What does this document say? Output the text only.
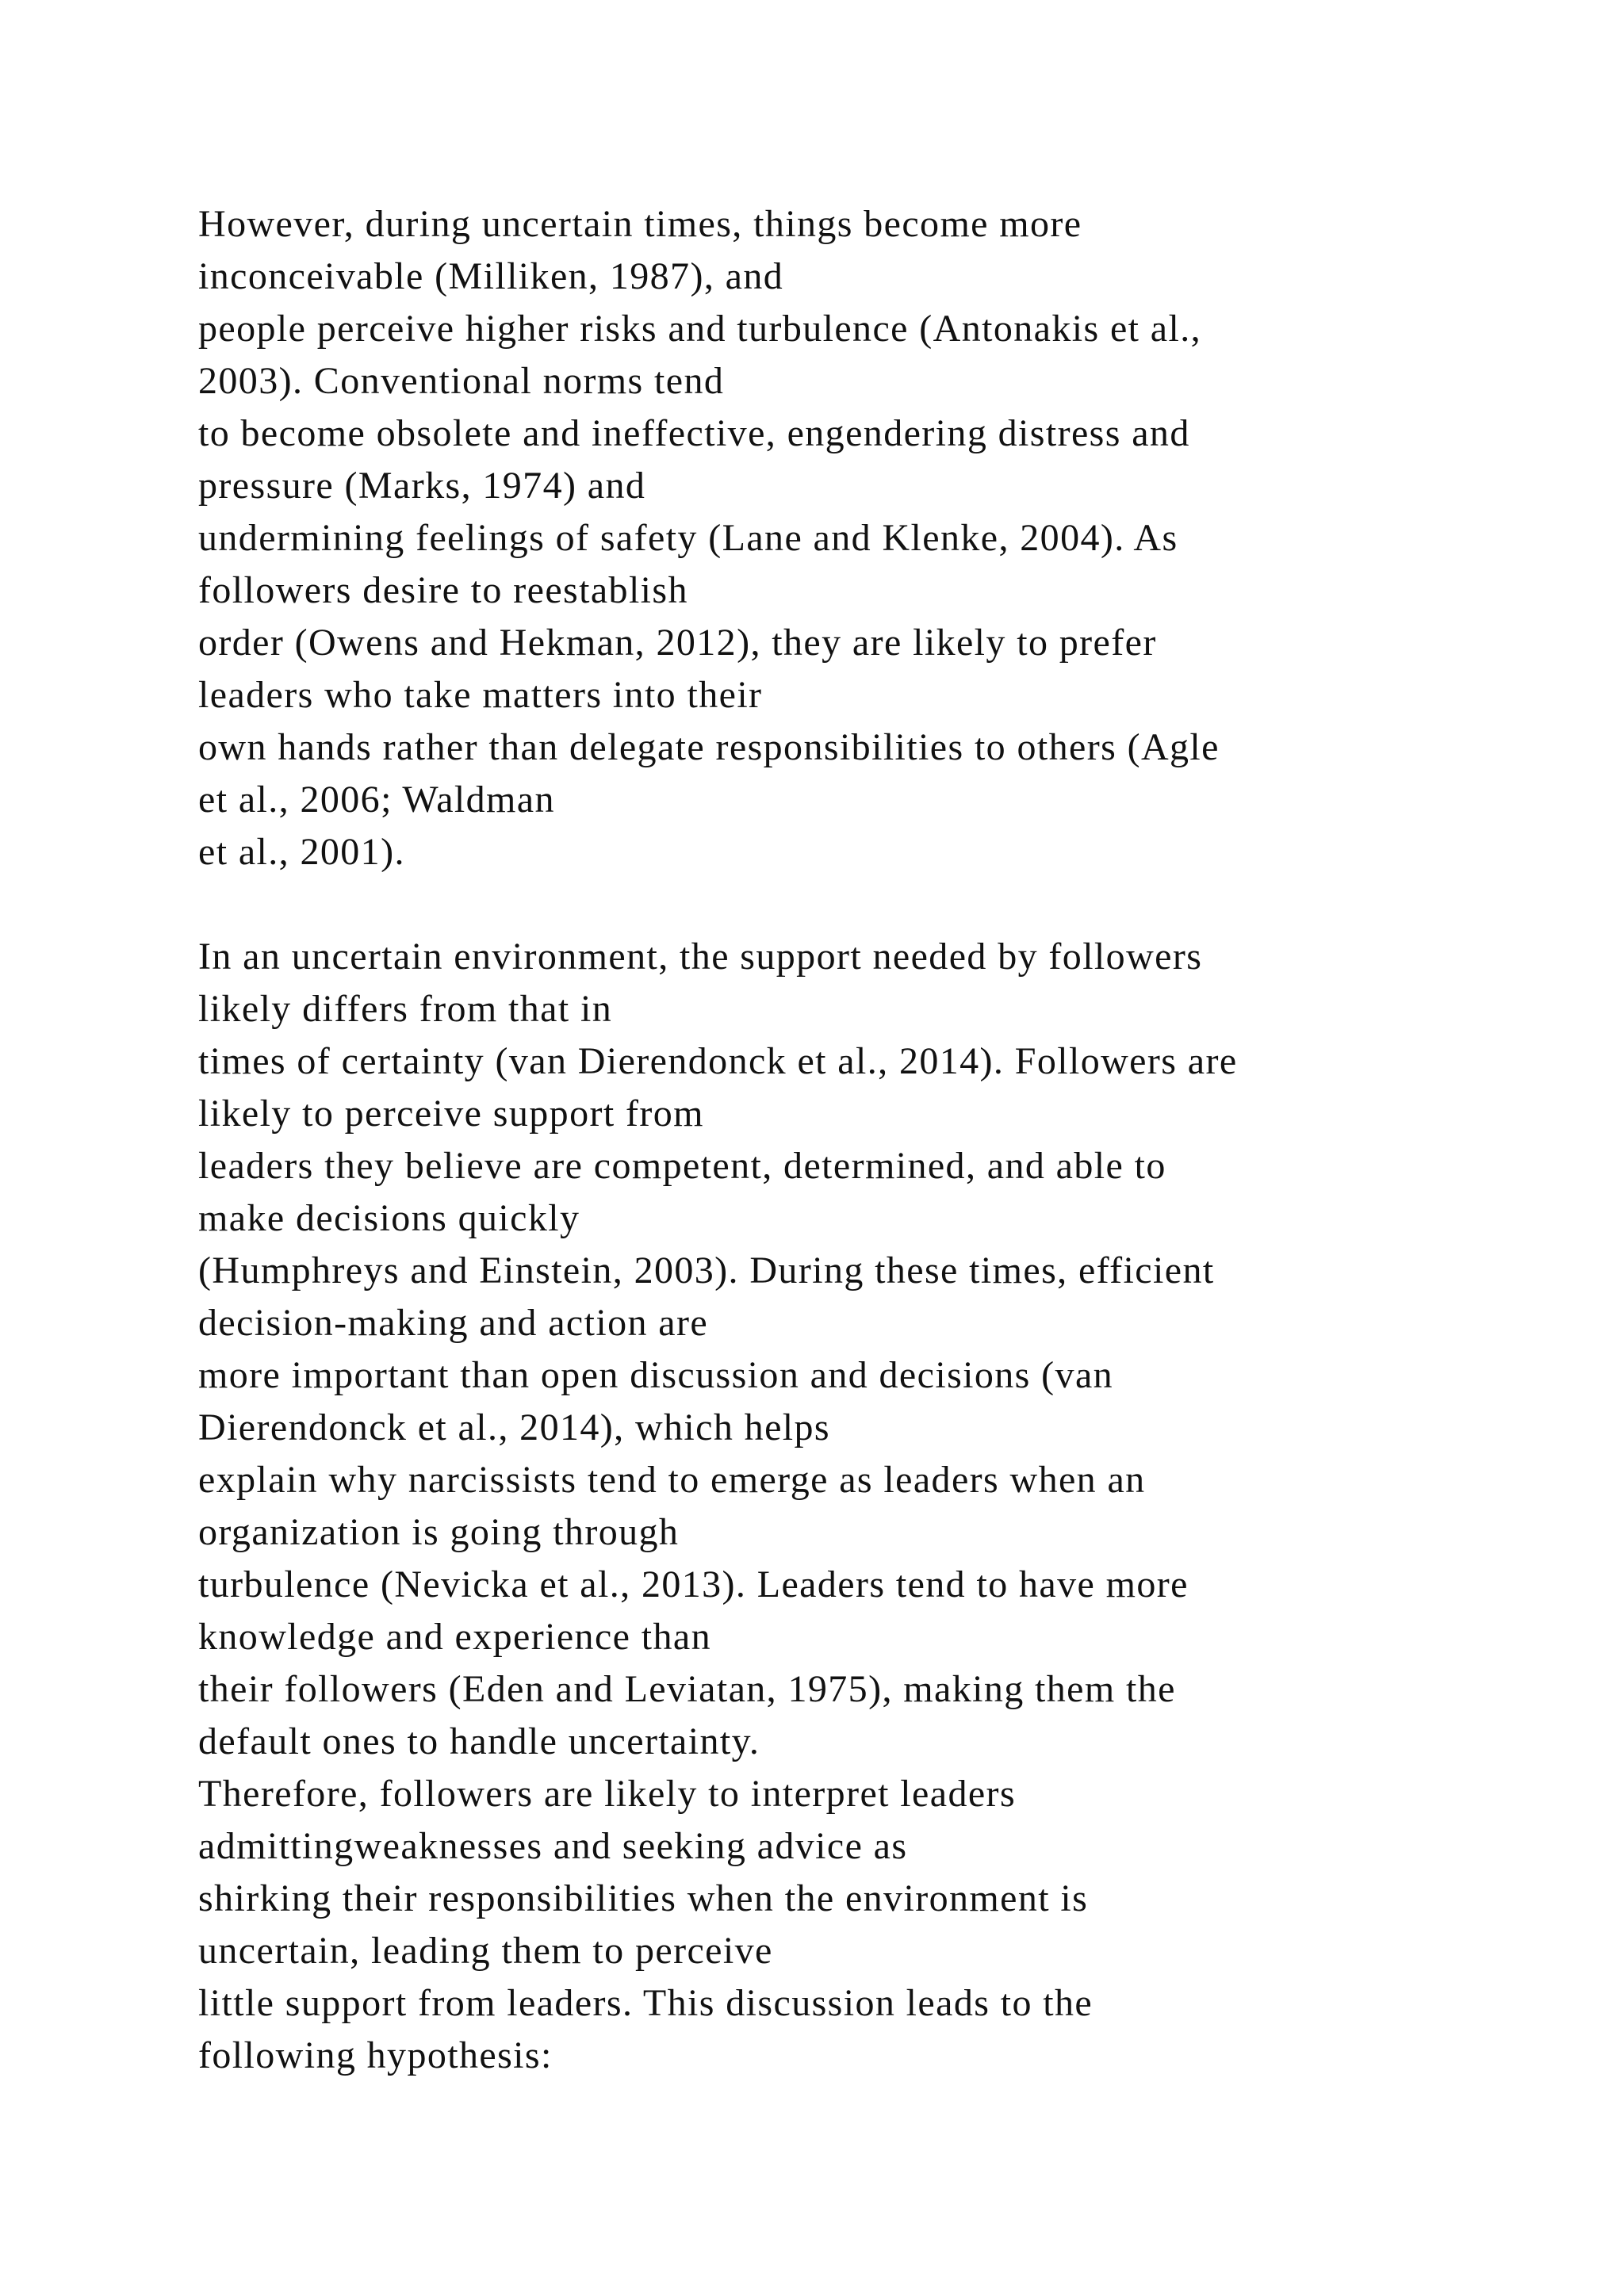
However, during uncertain times, things become more
inconceivable (Milliken, 1987), and
people perceive higher risks and turbulence (Antonakis et al.,
2003). Conventional norms tend
to become obsolete and ineffective, engendering distress and
pressure (Marks, 1974) and
undermining feelings of safety (Lane and Klenke, 2004). As
followers desire to reestablish
order (Owens and Hekman, 2012), they are likely to prefer
leaders who take matters into their
own hands rather than delegate responsibilities to others (Agle
et al., 2006; Waldman
et al., 2001).
In an uncertain environment, the support needed by followers
likely differs from that in
times of certainty (van Dierendonck et al., 2014). Followers are
likely to perceive support from
leaders they believe are competent, determined, and able to
make decisions quickly
(Humphreys and Einstein, 2003). During these times, efficient
decision-making and action are
more important than open discussion and decisions (van
Dierendonck et al., 2014), which helps
explain why narcissists tend to emerge as leaders when an
organization is going through
turbulence (Nevicka et al., 2013). Leaders tend to have more
knowledge and experience than
their followers (Eden and Leviatan, 1975), making them the
default ones to handle uncertainty.
Therefore, followers are likely to interpret leaders
admittingweaknesses and seeking advice as
shirking their responsibilities when the environment is
uncertain, leading them to perceive
little support from leaders. This discussion leads to the
following hypothesis:
